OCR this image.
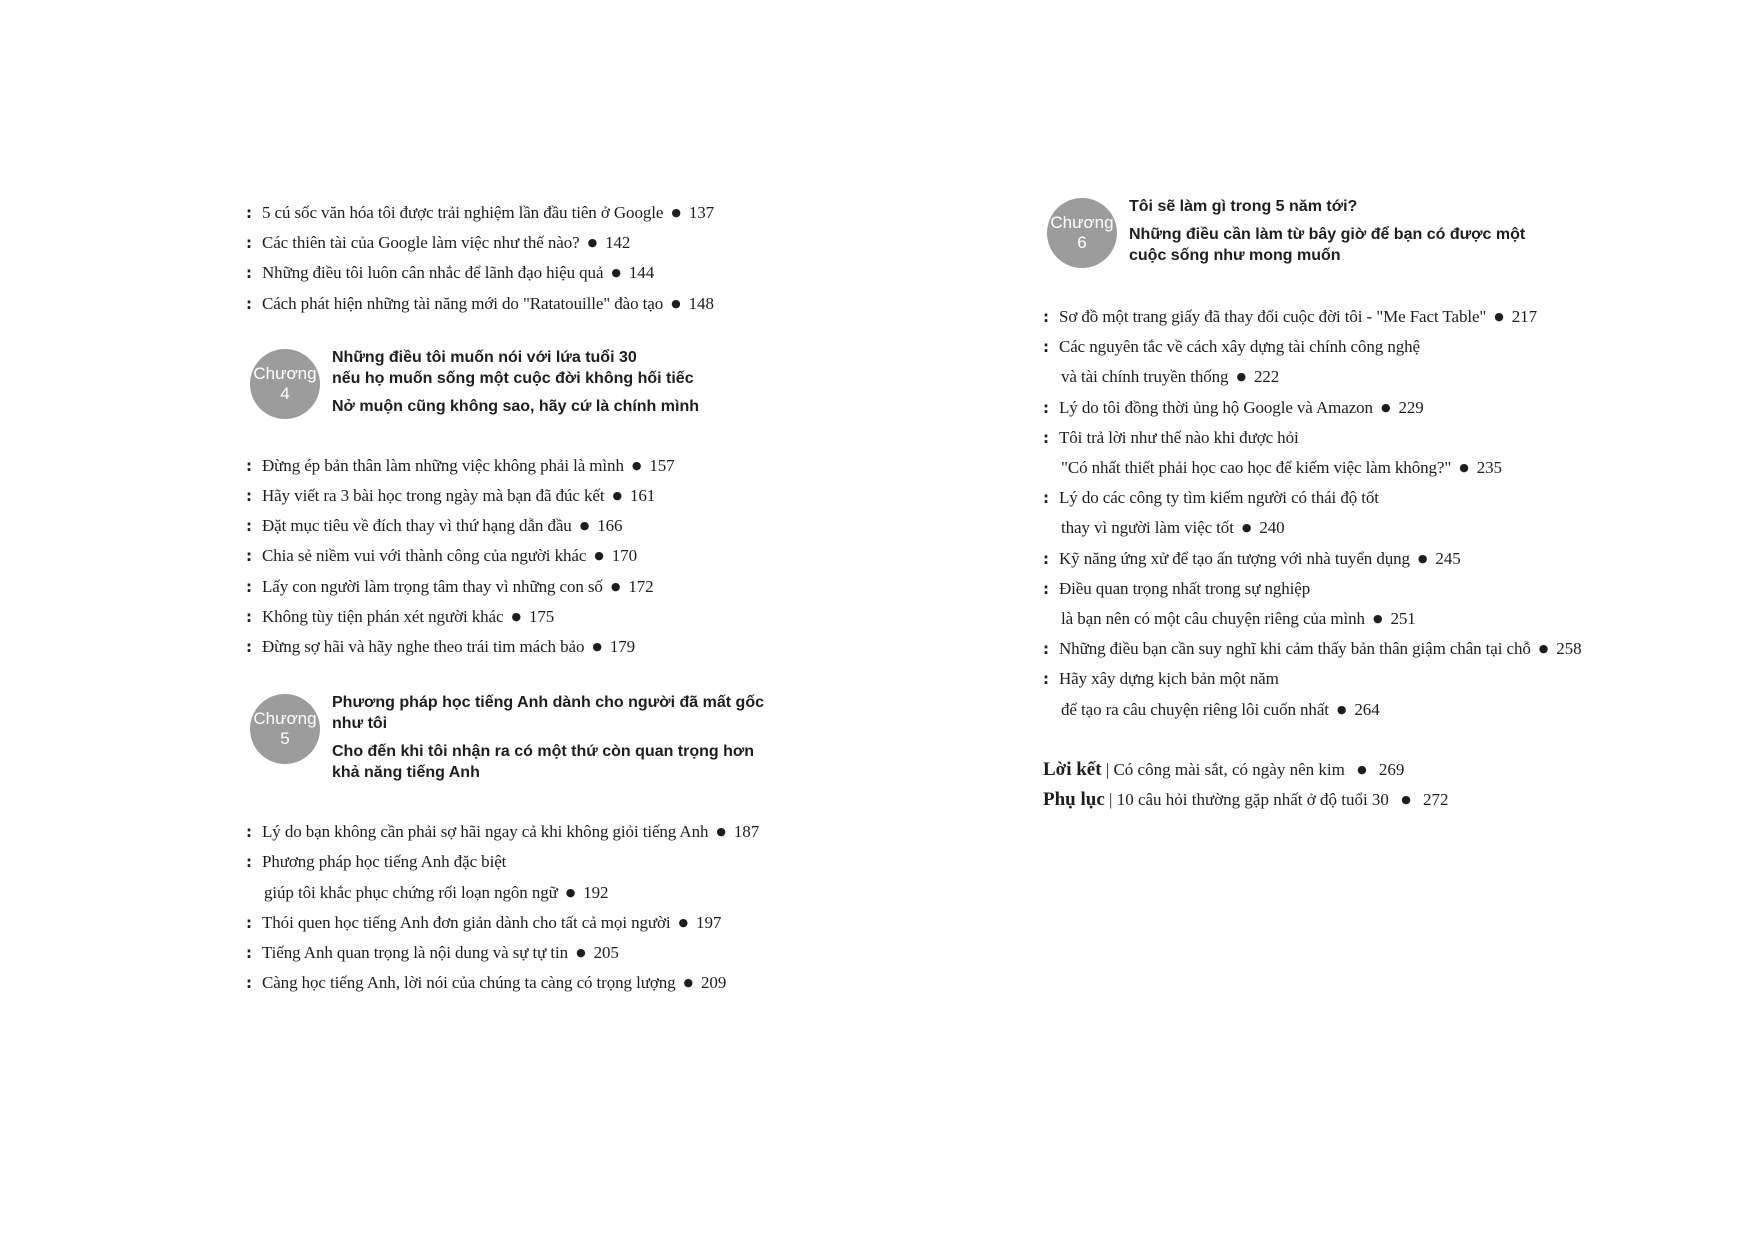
: 5 cú sốc văn hóa tôi được trải nghiệm lần đầu tiên ở Google ● 137
: Các thiên tài của Google làm việc như thế nào? ● 142
: Những điều tôi luôn cân nhắc để lãnh đạo hiệu quả ● 144
: Cách phát hiện những tài năng mới do "Ratatouille" đào tạo ● 148
Chương
4
Những điều tôi muốn nói với lứa tuổi 30
nếu họ muốn sống một cuộc đời không hối tiếc
Nở muộn cũng không sao, hãy cứ là chính mình
: Đừng ép bản thân làm những việc không phải là mình ● 157
: Hãy viết ra 3 bài học trong ngày mà bạn đã đúc kết ● 161
: Đặt mục tiêu về đích thay vì thứ hạng dẫn đầu ● 166
: Chia sẻ niềm vui với thành công của người khác ● 170
: Lấy con người làm trọng tâm thay vì những con số ● 172
: Không tùy tiện phán xét người khác ● 175
: Đừng sợ hãi và hãy nghe theo trái tim mách bảo ● 179
Chương
5
Phương pháp học tiếng Anh dành cho người đã mất gốc
như tôi
Cho đến khi tôi nhận ra có một thứ còn quan trọng hơn
khả năng tiếng Anh
: Lý do bạn không cần phải sợ hãi ngay cả khi không giỏi tiếng Anh ● 187
: Phương pháp học tiếng Anh đặc biệt
giúp tôi khắc phục chứng rối loạn ngôn ngữ ● 192
: Thói quen học tiếng Anh đơn giản dành cho tất cả mọi người ● 197
: Tiếng Anh quan trọng là nội dung và sự tự tin ● 205
: Càng học tiếng Anh, lời nói của chúng ta càng có trọng lượng ● 209
Chương
6
Tôi sẽ làm gì trong 5 năm tới?
Những điều cần làm từ bây giờ để bạn có được một
cuộc sống như mong muốn
: Sơ đồ một trang giấy đã thay đổi cuộc đời tôi - "Me Fact Table" ● 217
: Các nguyên tắc về cách xây dựng tài chính công nghệ
và tài chính truyền thống ● 222
: Lý do tôi đồng thời ủng hộ Google và Amazon ● 229
: Tôi trả lời như thế nào khi được hỏi
"Có nhất thiết phải học cao học để kiếm việc làm không?" ● 235
: Lý do các công ty tìm kiếm người có thái độ tốt
thay vì người làm việc tốt ● 240
: Kỹ năng ứng xử để tạo ấn tượng với nhà tuyển dụng ● 245
: Điều quan trọng nhất trong sự nghiệp
là bạn nên có một câu chuyện riêng của mình ● 251
: Những điều bạn cần suy nghĩ khi cảm thấy bản thân giậm chân tại chỗ ● 258
: Hãy xây dựng kịch bản một năm
để tạo ra câu chuyện riêng lôi cuốn nhất ● 264
Lời kết | Có công mài sắt, có ngày nên kim ● 269
Phụ lục | 10 câu hỏi thường gặp nhất ở độ tuổi 30 ● 272
